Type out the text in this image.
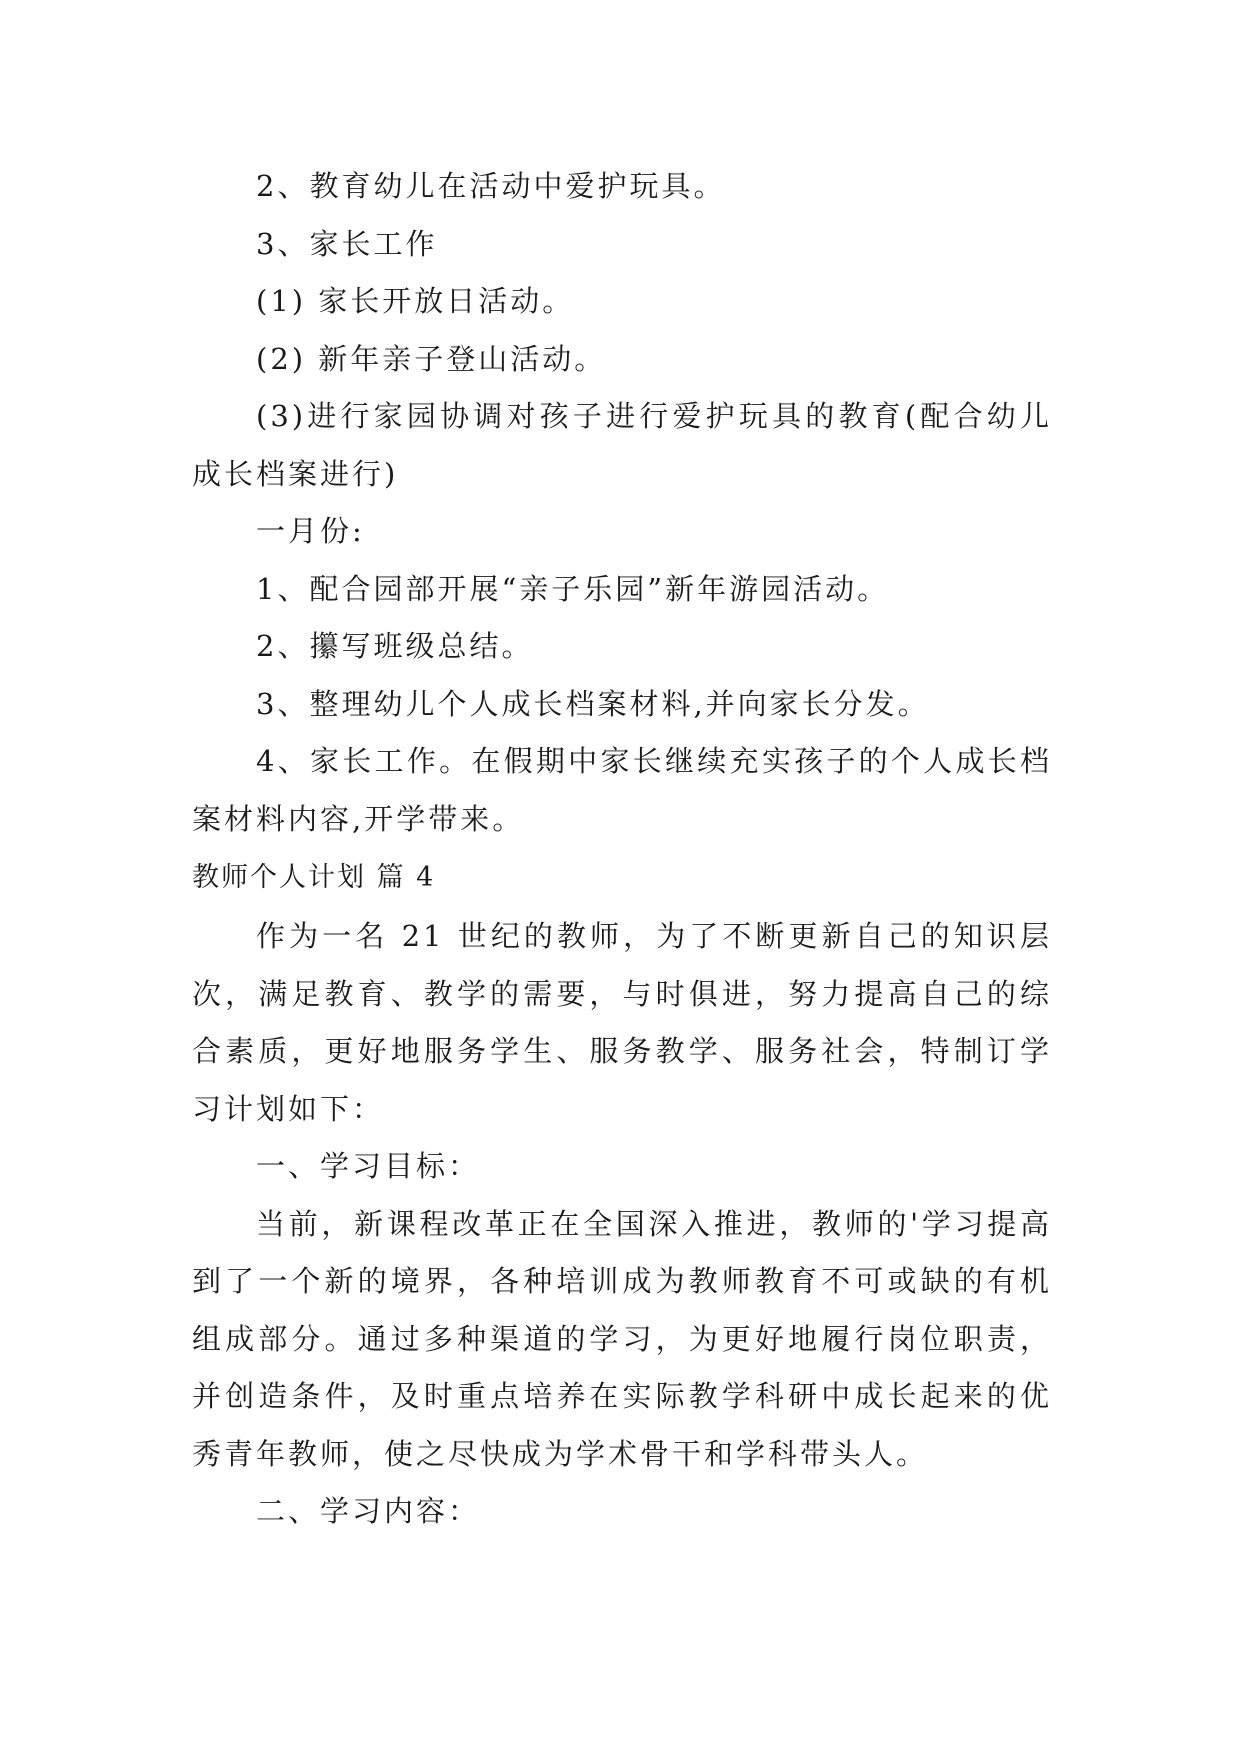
2、教育幼儿在活动中爱护玩具。

3、家长工作

(1) 家长开放日活动。

(2) 新年亲子登山活动。

(3)进行家园协调对孩子进行爱护玩具的教育(配合幼儿成长档案进行)

一月份:

1、配合园部开展“亲子乐园”新年游园活动。

2、攥写班级总结。

3、整理幼儿个人成长档案材料,并向家长分发。

4、家长工作。在假期中家长继续充实孩子的个人成长档案材料内容,开学带来。

教师个人计划 篇 4

作为一名 21 世纪的教师，为了不断更新自己的知识层次，满足教育、教学的需要，与时俱进，努力提高自己的综合素质，更好地服务学生、服务教学、服务社会，特制订学习计划如下：

一、学习目标：

当前，新课程改革正在全国深入推进，教师的'学习提高到了一个新的境界，各种培训成为教师教育不可或缺的有机组成部分。通过多种渠道的学习，为更好地履行岗位职责，并创造条件，及时重点培养在实际教学科研中成长起来的优秀青年教师，使之尽快成为学术骨干和学科带头人。

二、学习内容：
